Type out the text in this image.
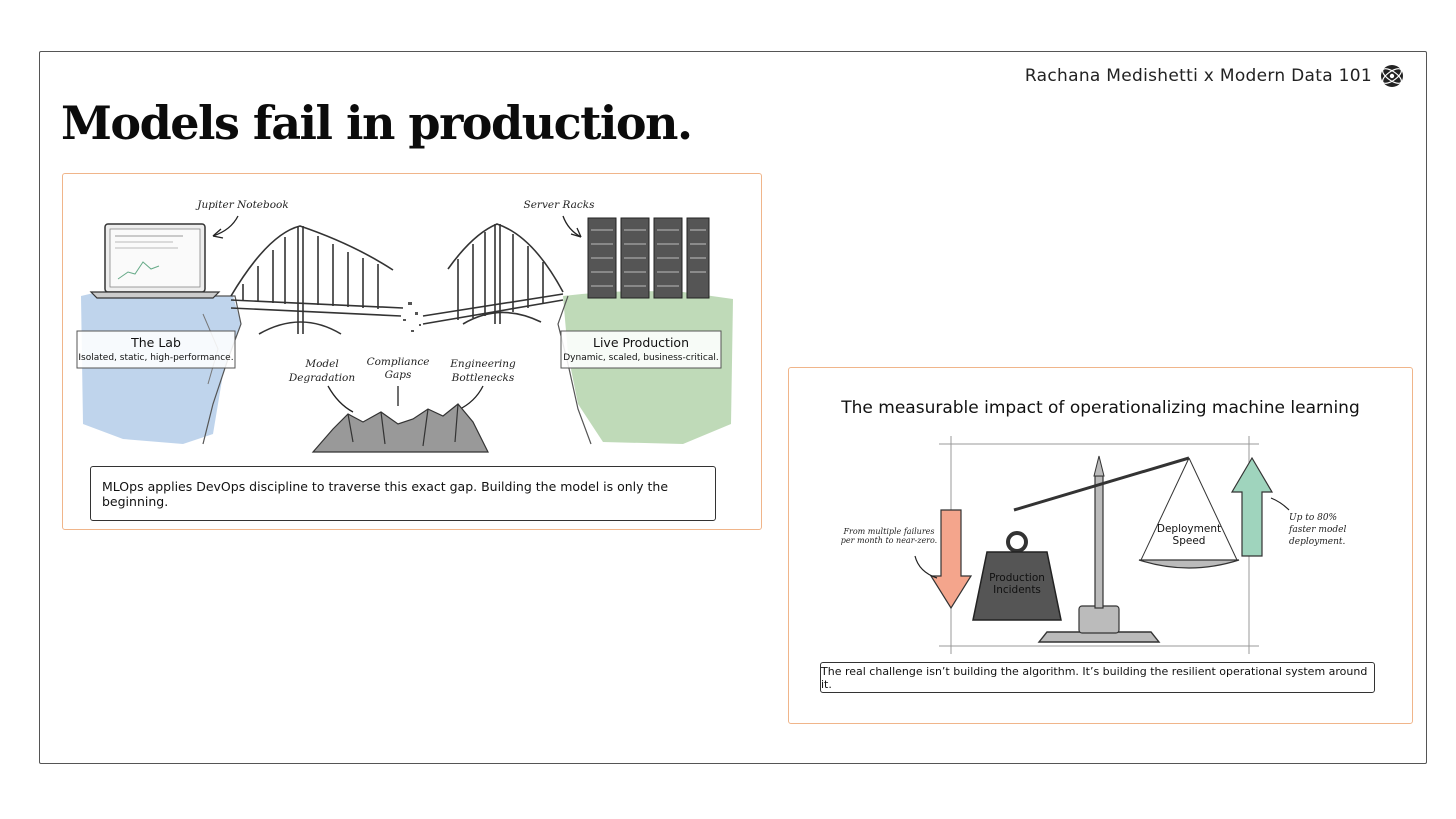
Rachana Medishetti x Modern Data 101
Models fail in production.
Jupiter Notebook	Server Racks
Model
Degradation
Compliance
Gaps
Engineering
Bottlenecks
The Lab
Isolated, static, high-performance.
Live Production
Dynamic, scaled, business-critical.
MLOps applies DevOps discipline to traverse this exact gap. Building the model is only the beginning.
The measurable impact of operationalizing machine learning
Production
Incidents
Deployment
Speed
From multiple failures
per month to near-zero.
Up to 80%
faster model
deployment.
The real challenge isn’t building the algorithm. It’s building the resilient operational system around it.
